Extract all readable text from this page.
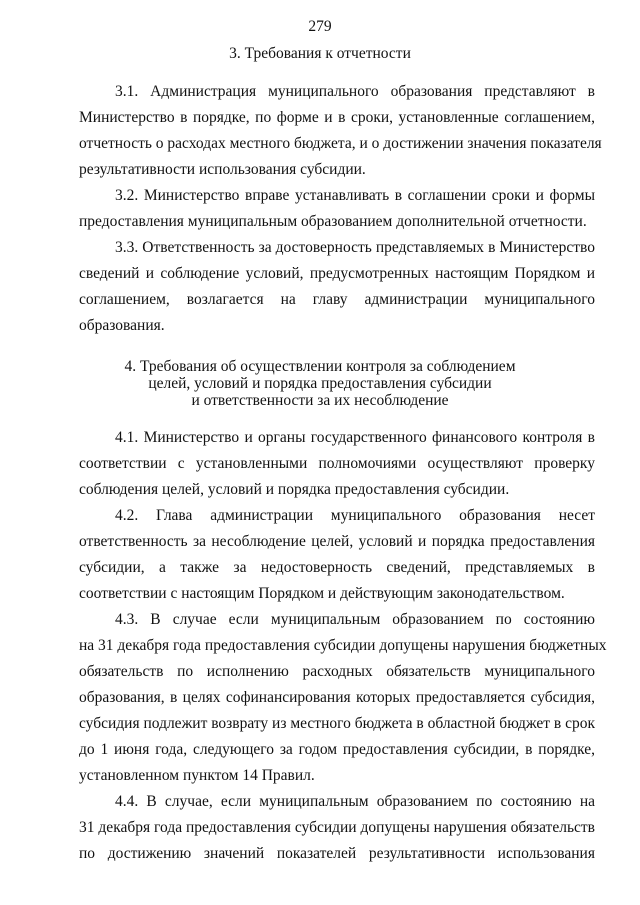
279
3. Требования к отчетности
3.1. Администрация муниципального образования представляют в
Министерство в порядке, по форме и в сроки, установленные соглашением,
отчетность о расходах местного бюджета, и о достижении значения показателя
результативности использования субсидии.
3.2. Министерство вправе устанавливать в соглашении сроки и формы
предоставления муниципальным образованием дополнительной отчетности.
3.3. Ответственность за достоверность представляемых в Министерство
сведений и соблюдение условий, предусмотренных настоящим Порядком и
соглашением, возлагается на главу администрации муниципального
образования.
4. Требования об осуществлении контроля за соблюдением
целей, условий и порядка предоставления субсидии
и ответственности за их несоблюдение
4.1. Министерство и органы государственного финансового контроля в
соответствии с установленными полномочиями осуществляют проверку
соблюдения целей, условий и порядка предоставления субсидии.
4.2. Глава администрации муниципального образования несет
ответственность за несоблюдение целей, условий и порядка предоставления
субсидии, а также за недостоверность сведений, представляемых в
соответствии с настоящим Порядком и действующим законодательством.
4.3. В случае если муниципальным образованием по состоянию
на 31 декабря года предоставления субсидии допущены нарушения бюджетных
обязательств по исполнению расходных обязательств муниципального
образования, в целях софинансирования которых предоставляется субсидия,
субсидия подлежит возврату из местного бюджета в областной бюджет в срок
до 1 июня года, следующего за годом предоставления субсидии, в порядке,
установленном пунктом 14 Правил.
4.4. В случае, если муниципальным образованием по состоянию на
31 декабря года предоставления субсидии допущены нарушения обязательств
по достижению значений показателей результативности использования
